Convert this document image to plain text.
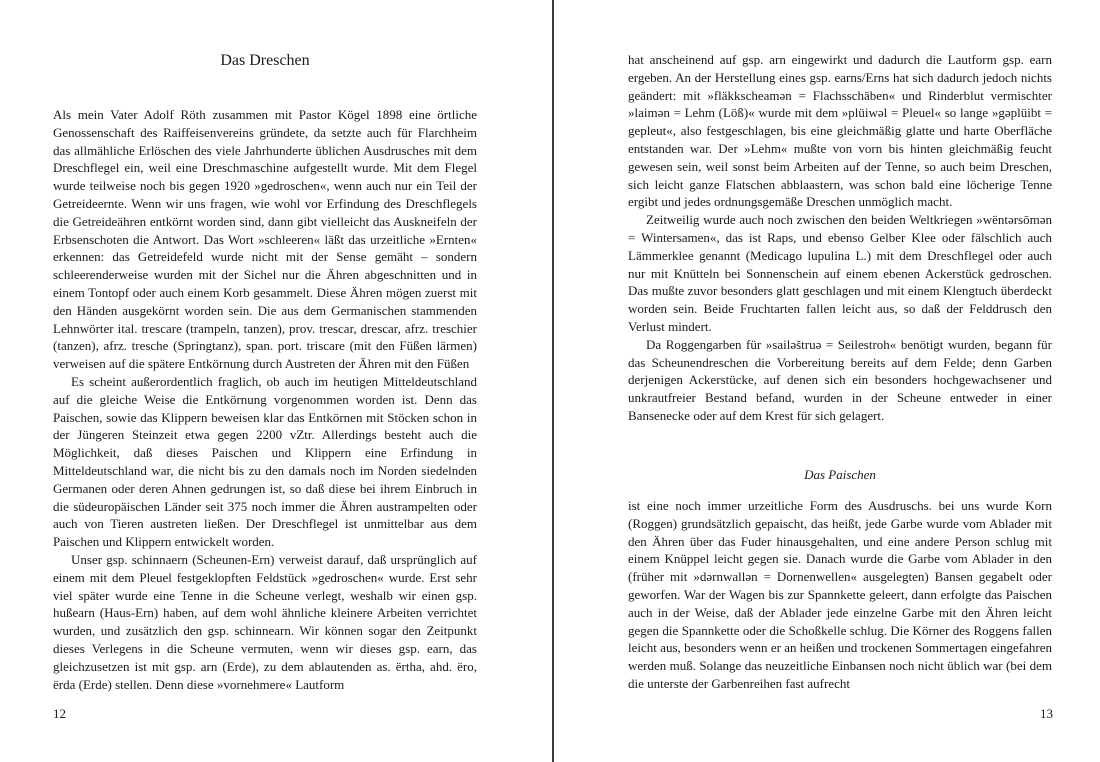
Das Dreschen

Als mein Vater Adolf Röth zusammen mit Pastor Kögel 1898 eine örtliche Genossenschaft des Raiffeisenvereins gründete, da setzte auch für Flarchheim das allmähliche Erlöschen des viele Jahrhunderte üblichen Ausdrusches mit dem Dreschflegel ein, weil eine Dreschmaschine aufgestellt wurde. Mit dem Flegel wurde teilweise noch bis gegen 1920 »gedroschen«, wenn auch nur ein Teil der Getreideernte. Wenn wir uns fragen, wie wohl vor Erfindung des Dreschflegels die Getreideähren entkörnt worden sind, dann gibt vielleicht das Auskneifeln der Erbsenschoten die Antwort. Das Wort »schleeren« läßt das urzeitliche »Ernten« erkennen: das Getreidefeld wurde nicht mit der Sense gemäht – sondern schleerenderweise wurden mit der Sichel nur die Ähren abgeschnitten und in einem Tontopf oder auch einem Korb gesammelt. Diese Ähren mögen zuerst mit den Händen ausgekörnt worden sein. Die aus dem Germanischen stammenden Lehnwörter ital. trescare (trampeln, tanzen), prov. trescar, drescar, afrz. treschier (tanzen), afrz. tresche (Springtanz), span. port. triscare (mit den Füßen lärmen) verweisen auf die spätere Entkörnung durch Austreten der Ähren mit den Füßen

Es scheint außerordentlich fraglich, ob auch im heutigen Mitteldeutschland auf die gleiche Weise die Entkörnung vorgenommen worden ist. Denn das Paischen, sowie das Klippern beweisen klar das Entkörnen mit Stöcken schon in der Jüngeren Steinzeit etwa gegen 2200 vZtr. Allerdings besteht auch die Möglichkeit, daß dieses Paischen und Klippern eine Erfindung in Mitteldeutschland war, die nicht bis zu den damals noch im Norden siedelnden Germanen oder deren Ahnen gedrungen ist, so daß diese bei ihrem Einbruch in die südeuropäischen Länder seit 375 noch immer die Ähren austrampelten oder auch von Tieren austreten ließen. Der Dreschflegel ist unmittelbar aus dem Paischen und Klippern entwickelt worden.

Unser gsp. schinnaern (Scheunen-Ern) verweist darauf, daß ursprünglich auf einem mit dem Pleuel festgeklopften Feldstück »gedroschen« wurde. Erst sehr viel später wurde eine Tenne in die Scheune verlegt, weshalb wir einen gsp. hußearn (Haus-Ern) haben, auf dem wohl ähnliche kleinere Arbeiten verrichtet wurden, und zusätzlich den gsp. schinnearn. Wir können sogar den Zeitpunkt dieses Verlegens in die Scheune vermuten, wenn wir dieses gsp. earn, das gleichzusetzen ist mit gsp. arn (Erde), zu dem ablautenden as. ërtha, ahd. ëro, ërda (Erde) stellen. Denn diese »vornehmere« Lautform

12

hat anscheinend auf gsp. arn eingewirkt und dadurch die Lautform gsp. earn ergeben. An der Herstellung eines gsp. earns/Erns hat sich dadurch jedoch nichts geändert: mit »fläkkscheamən = Flachsschäben« und Rinderblut vermischter »laimən = Lehm (Löß)« wurde mit dem »plüiwəl = Pleuel« so lange »gəplüibt = gepleut«, also festgeschlagen, bis eine gleichmäßig glatte und harte Oberfläche entstanden war. Der »Lehm« mußte von vorn bis hinten gleichmäßig feucht gewesen sein, weil sonst beim Arbeiten auf der Tenne, so auch beim Dreschen, sich leicht ganze Flatschen abblaastern, was schon bald eine löcherige Tenne ergibt und jedes ordnungsgemäße Dreschen unmöglich macht.

Zeitweilig wurde auch noch zwischen den beiden Weltkriegen »wëntərsōmən = Wintersamen«, das ist Raps, und ebenso Gelber Klee oder fälschlich auch Lämmerklee genannt (Medicago lupulina L.) mit dem Dreschflegel oder auch nur mit Knütteln bei Sonnenschein auf einem ebenen Ackerstück gedroschen. Das mußte zuvor besonders glatt geschlagen und mit einem Klengtuch überdeckt worden sein. Beide Fruchtarten fallen leicht aus, so daß der Felddrusch den Verlust mindert.

Da Roggengarben für »sailəštruə = Seilestroh« benötigt wurden, begann für das Scheunendreschen die Vorbereitung bereits auf dem Felde; denn Garben derjenigen Ackerstücke, auf denen sich ein besonders hochgewachsener und unkrautfreier Bestand befand, wurden in der Scheune entweder in einer Bansenecke oder auf dem Krest für sich gelagert.

Das Paischen

ist eine noch immer urzeitliche Form des Ausdruschs. bei uns wurde Korn (Roggen) grundsätzlich gepaischt, das heißt, jede Garbe wurde vom Ablader mit den Ähren über das Fuder hinausgehalten, und eine andere Person schlug mit einem Knüppel leicht gegen sie. Danach wurde die Garbe vom Ablader in den (früher mit »dərnwallən = Dornenwellen« ausgelegten) Bansen gegabelt oder geworfen. War der Wagen bis zur Spannkette geleert, dann erfolgte das Paischen auch in der Weise, daß der Ablader jede einzelne Garbe mit den Ähren leicht gegen die Spannkette oder die Schoßkelle schlug. Die Körner des Roggens fallen leicht aus, besonders wenn er an heißen und trockenen Sommertagen eingefahren werden muß. Solange das neuzeitliche Einbansen noch nicht üblich war (bei dem die unterste der Garbenreihen fast aufrecht

13
